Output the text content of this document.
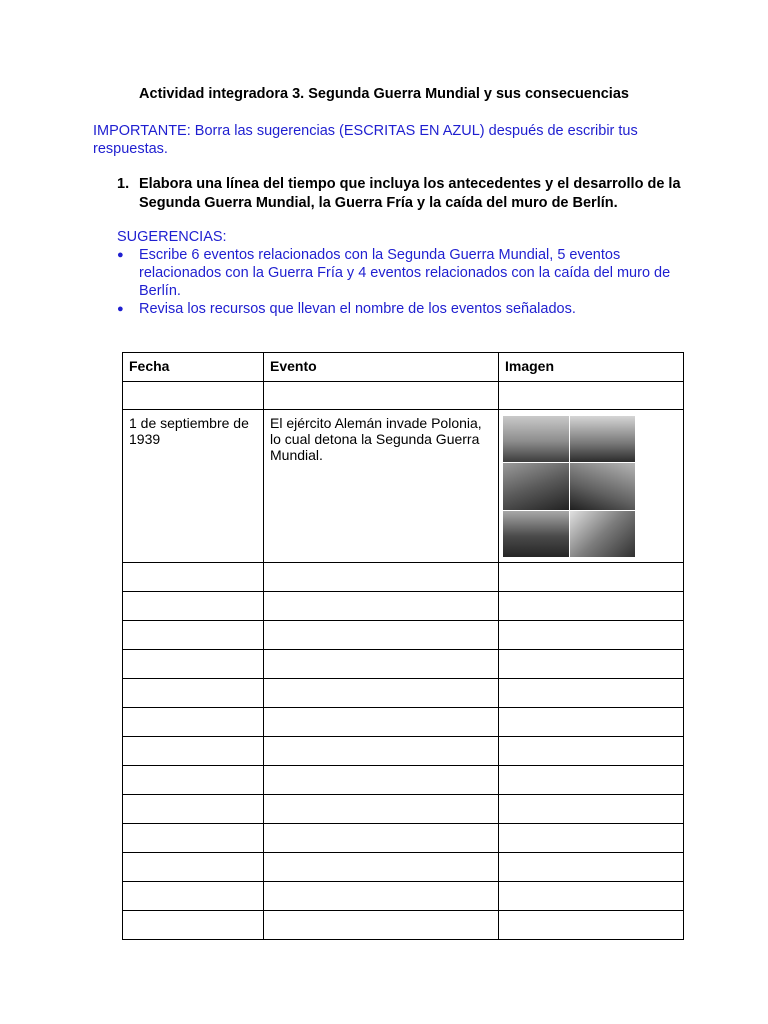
Actividad integradora 3. Segunda Guerra Mundial y sus consecuencias
IMPORTANTE: Borra las sugerencias (ESCRITAS EN AZUL) después de escribir tus respuestas.
1. Elabora una línea del tiempo que incluya los antecedentes y el desarrollo de la Segunda Guerra Mundial, la Guerra Fría y la caída del muro de Berlín.
SUGERENCIAS:
● Escribe 6 eventos relacionados con la Segunda Guerra Mundial, 5 eventos relacionados con la Guerra Fría y 4 eventos relacionados con la caída del muro de Berlín.
● Revisa los recursos que llevan el nombre de los eventos señalados.
Fecha	Evento	Imagen

1 de septiembre de 1939	El ejército Alemán invade Polonia, lo cual detona la Segunda Guerra Mundial.	
